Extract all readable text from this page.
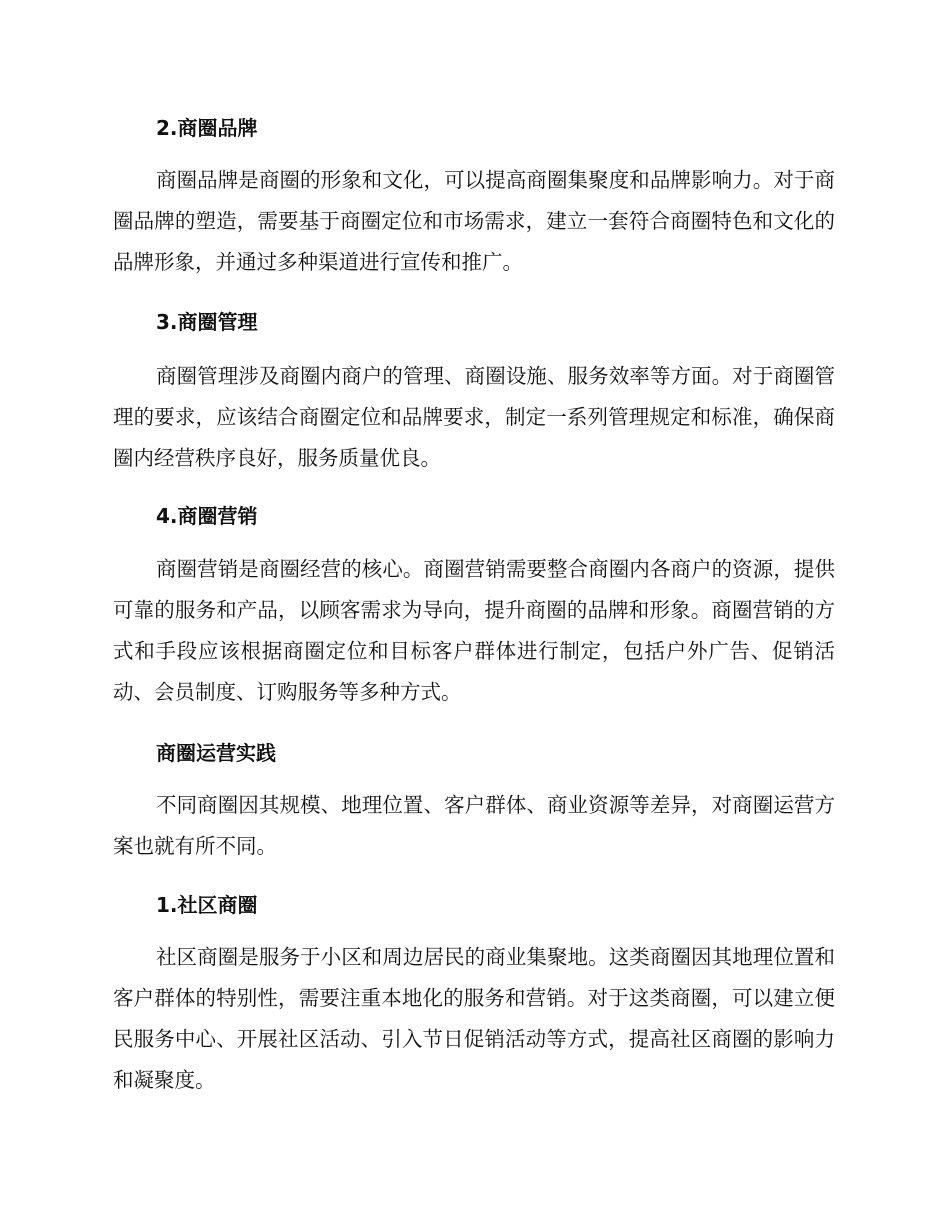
2.商圈品牌
商圈品牌是商圈的形象和文化，可以提高商圈集聚度和品牌影响力。对于商圈品牌的塑造，需要基于商圈定位和市场需求，建立一套符合商圈特色和文化的品牌形象，并通过多种渠道进行宣传和推广。
3.商圈管理
商圈管理涉及商圈内商户的管理、商圈设施、服务效率等方面。对于商圈管理的要求，应该结合商圈定位和品牌要求，制定一系列管理规定和标准，确保商圈内经营秩序良好，服务质量优良。
4.商圈营销
商圈营销是商圈经营的核心。商圈营销需要整合商圈内各商户的资源，提供可靠的服务和产品，以顾客需求为导向，提升商圈的品牌和形象。商圈营销的方式和手段应该根据商圈定位和目标客户群体进行制定，包括户外广告、促销活动、会员制度、订购服务等多种方式。
商圈运营实践
不同商圈因其规模、地理位置、客户群体、商业资源等差异，对商圈运营方案也就有所不同。
1.社区商圈
社区商圈是服务于小区和周边居民的商业集聚地。这类商圈因其地理位置和客户群体的特别性，需要注重本地化的服务和营销。对于这类商圈，可以建立便民服务中心、开展社区活动、引入节日促销活动等方式，提高社区商圈的影响力和凝聚度。
